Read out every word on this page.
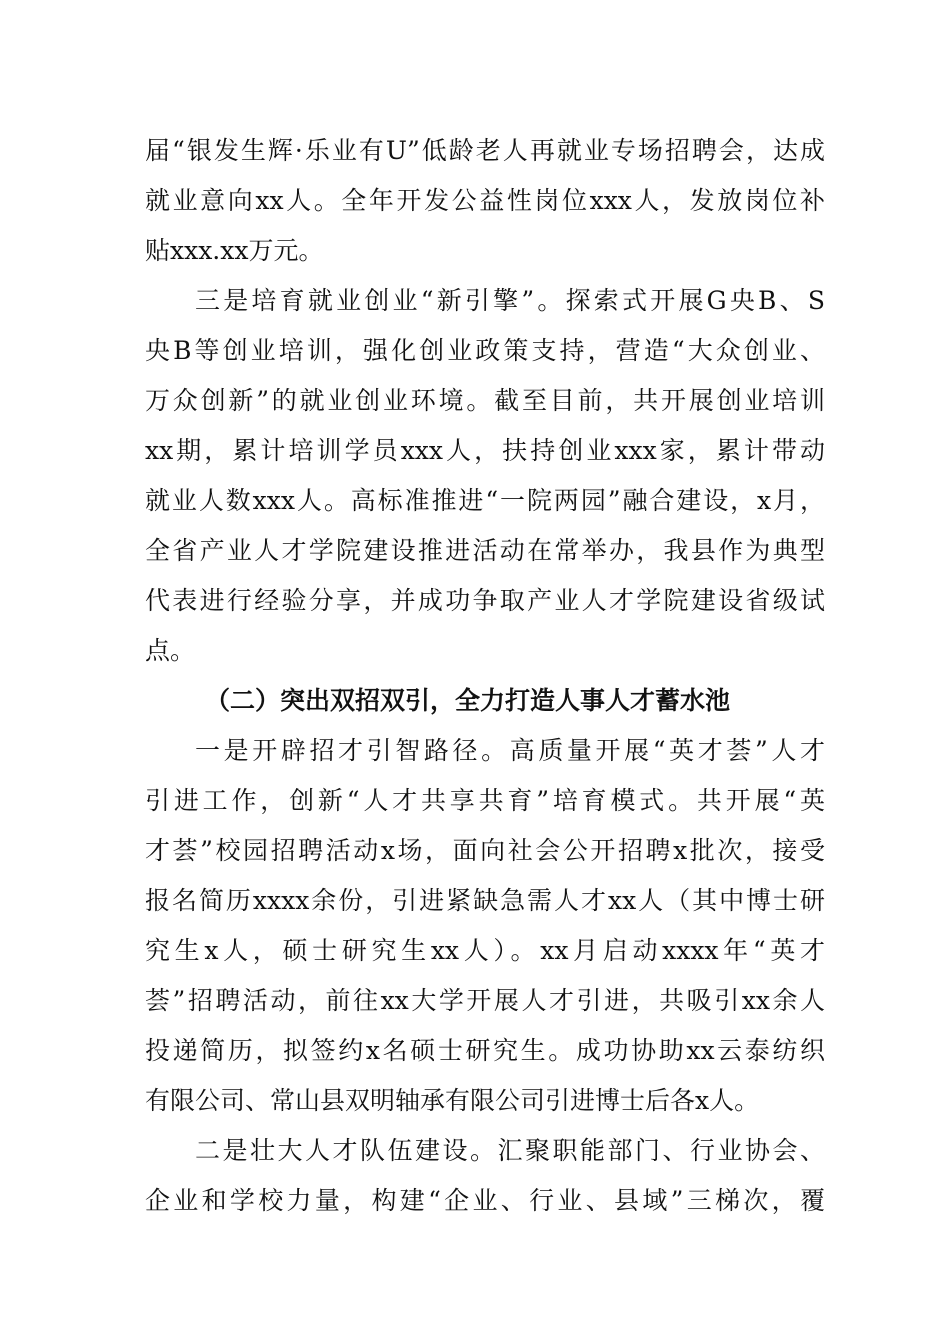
届“银发生辉·乐业有U”低龄老人再就业专场招聘会，达成
就业意向xx人。全年开发公益性岗位xxx人，发放岗位补
贴xxx.xx万元。
三是培育就业创业“新引擎”。探索式开展G央B、S
央B等创业培训，强化创业政策支持，营造“大众创业、
万众创新”的就业创业环境。截至目前，共开展创业培训
xx期，累计培训学员xxx人，扶持创业xxx家，累计带动
就业人数xxx人。高标准推进“一院两园”融合建设，x月，
全省产业人才学院建设推进活动在常举办，我县作为典型
代表进行经验分享，并成功争取产业人才学院建设省级试
点。
（二）突出双招双引，全力打造人事人才蓄水池
一是开辟招才引智路径。高质量开展“英才荟”人才
引进工作，创新“人才共享共育”培育模式。共开展“英
才荟”校园招聘活动x场，面向社会公开招聘x批次，接受
报名简历xxxx余份，引进紧缺急需人才xx人（其中博士研
究生x人，硕士研究生xx人）。xx月启动xxxx年“英才
荟”招聘活动，前往xx大学开展人才引进，共吸引xx余人
投递简历，拟签约x名硕士研究生。成功协助xx云泰纺织
有限公司、常山县双明轴承有限公司引进博士后各x人。
二是壮大人才队伍建设。汇聚职能部门、行业协会、
企业和学校力量，构建“企业、行业、县域”三梯次，覆
